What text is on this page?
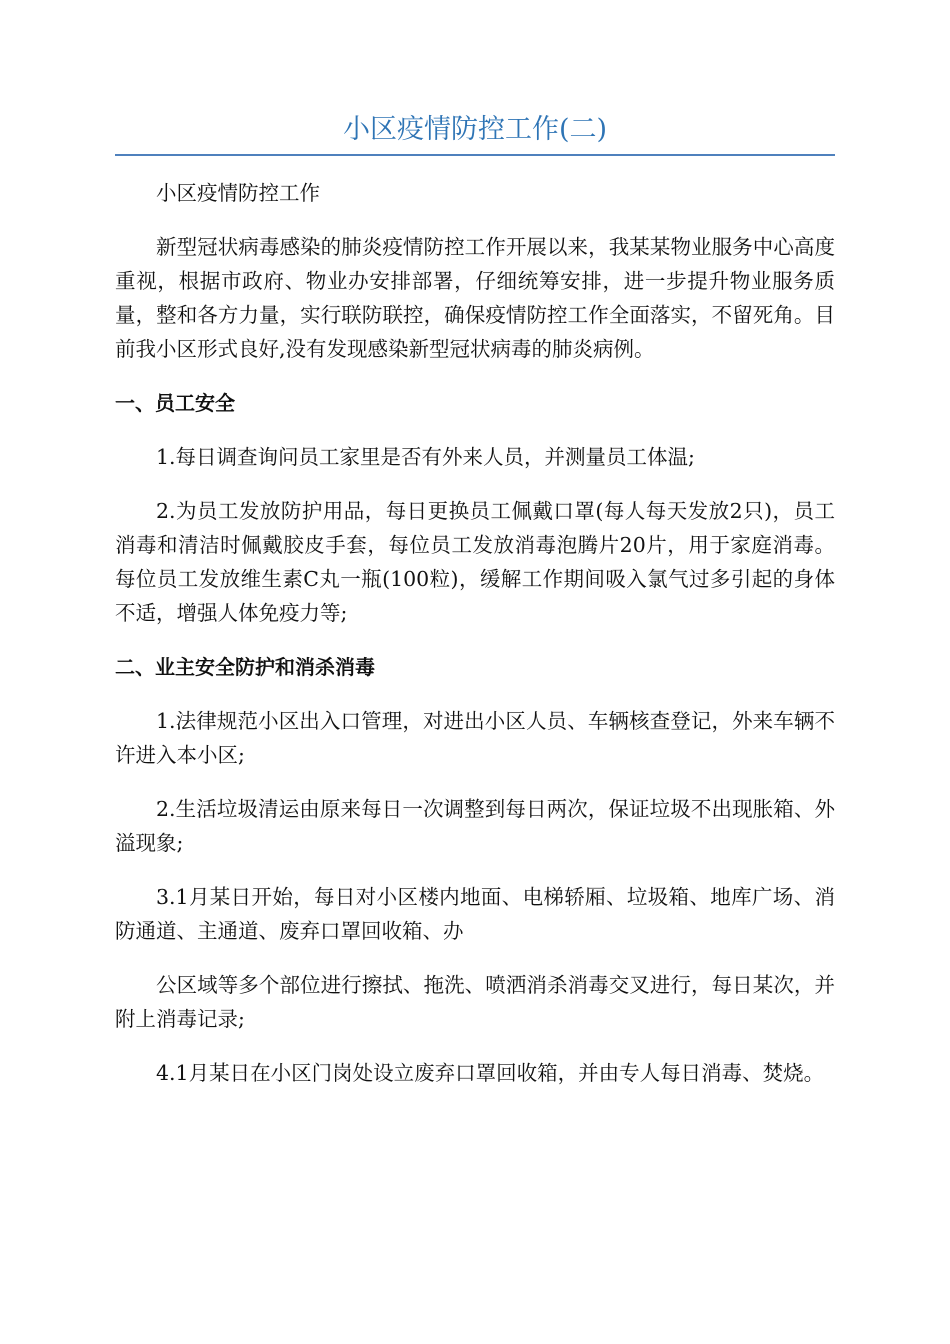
小区疫情防控工作(二)

小区疫情防控工作

新型冠状病毒感染的肺炎疫情防控工作开展以来，我某某物业服务中心高度重视，根据市政府、物业办安排部署，仔细统筹安排，进一步提升物业服务质量，整和各方力量，实行联防联控，确保疫情防控工作全面落实，不留死角。目前我小区形式良好,没有发现感染新型冠状病毒的肺炎病例。

一、员工安全

1.每日调查询问员工家里是否有外来人员，并测量员工体温;

2.为员工发放防护用品，每日更换员工佩戴口罩(每人每天发放2只)，员工消毒和清洁时佩戴胶皮手套，每位员工发放消毒泡腾片20片，用于家庭消毒。每位员工发放维生素C丸一瓶(100粒)，缓解工作期间吸入氯气过多引起的身体不适，增强人体免疫力等;

二、业主安全防护和消杀消毒

1.法律规范小区出入口管理，对进出小区人员、车辆核查登记，外来车辆不许进入本小区;

2.生活垃圾清运由原来每日一次调整到每日两次，保证垃圾不出现胀箱、外溢现象;

3.1月某日开始，每日对小区楼内地面、电梯轿厢、垃圾箱、地库广场、消防通道、主通道、废弃口罩回收箱、办

公区域等多个部位进行擦拭、拖洗、喷洒消杀消毒交叉进行，每日某次，并附上消毒记录;

4.1月某日在小区门岗处设立废弃口罩回收箱，并由专人每日消毒、焚烧。
